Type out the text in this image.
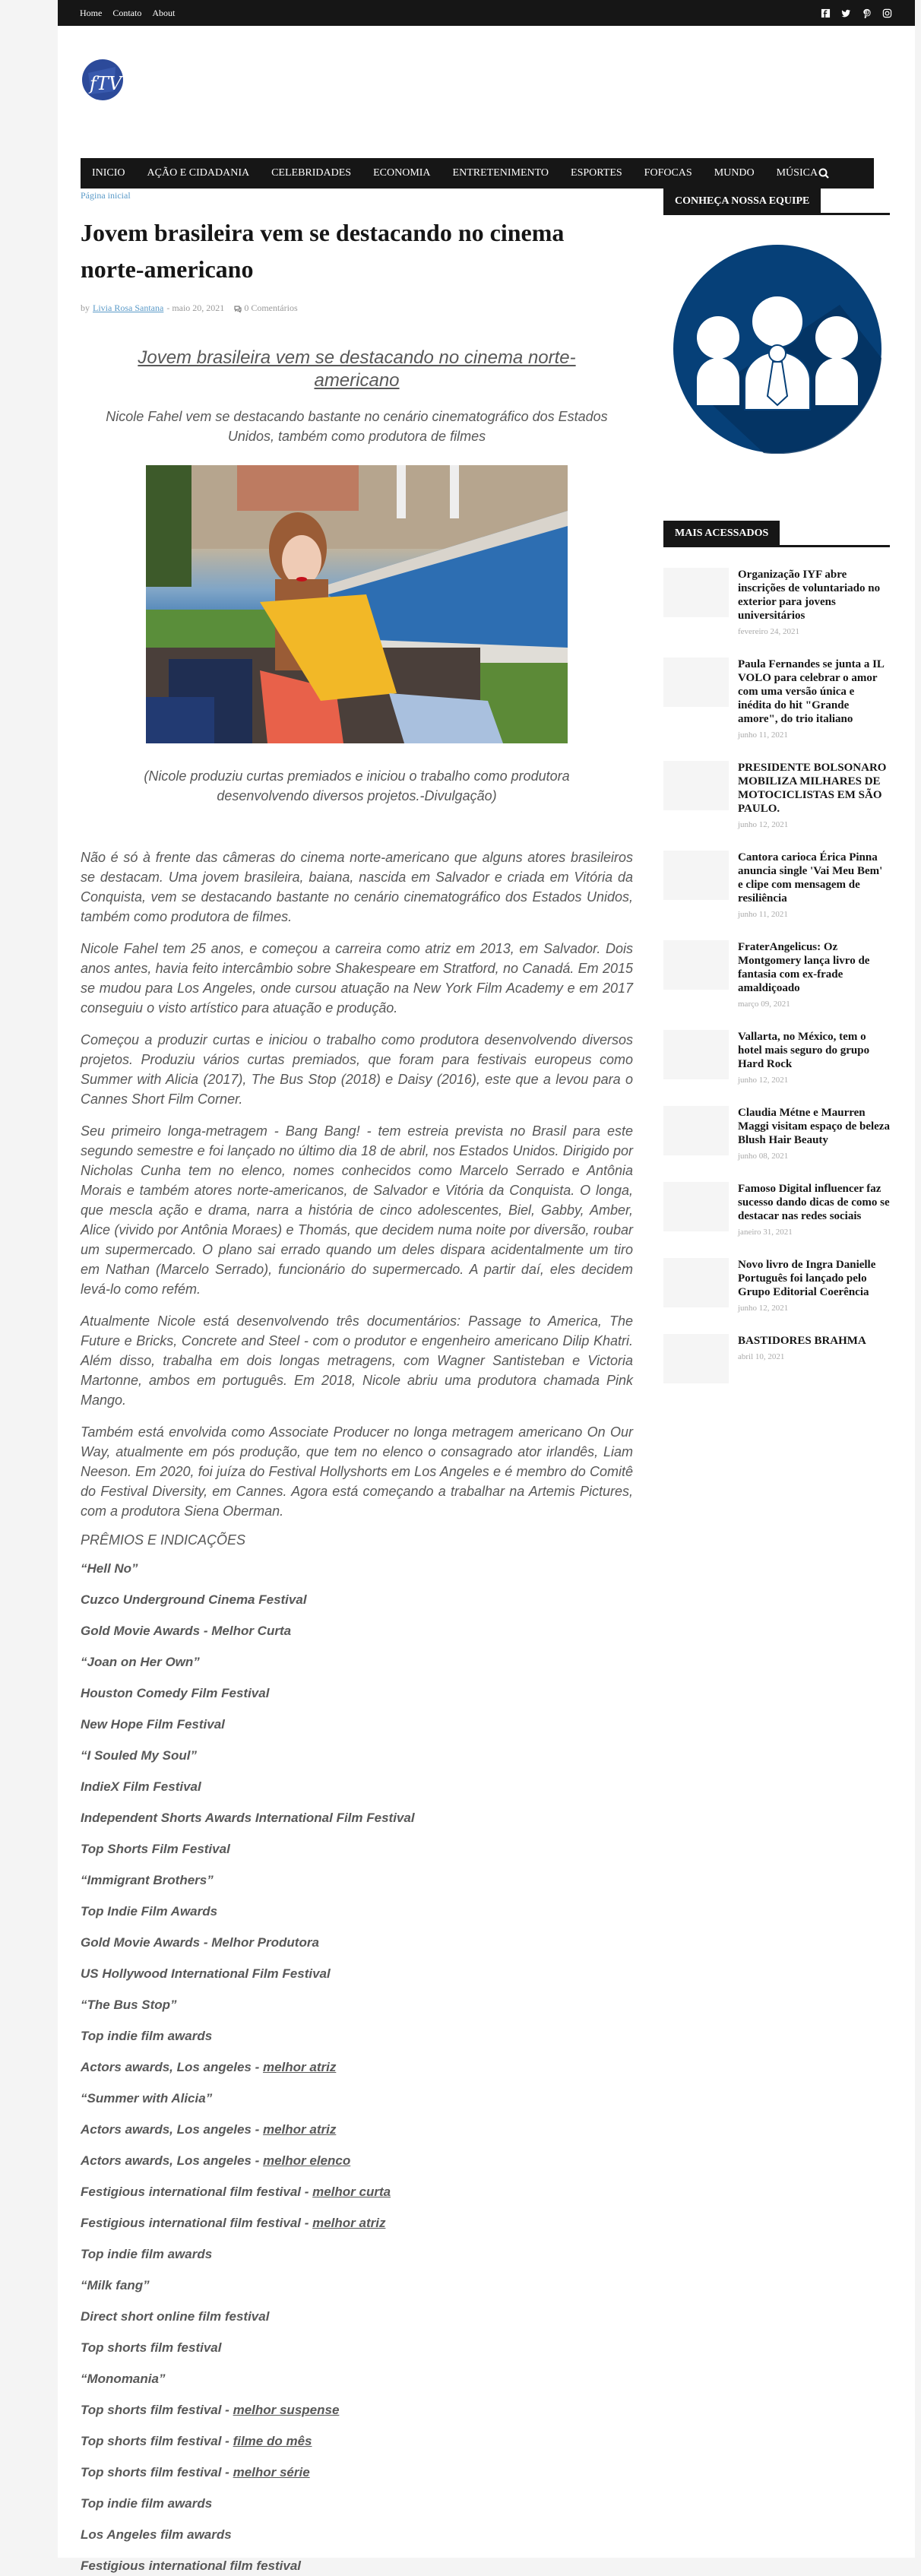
Home Contato About
fTV
INICIO AÇÃO E CIDADANIA CELEBRIDADES ECONOMIA ENTRETENIMENTO ESPORTES FOFOCAS MUNDO MÚSICA
Página inicial
Jovem brasileira vem se destacando no cinema norte-americano
by Livia Rosa Santana -
maio 20, 2021 0 Comentários
Jovem brasileira vem se destacando no cinema norte-americano
Nicole Fahel vem se destacando bastante no cenário cinematográfico dos Estados Unidos, também como produtora de filmes
(Nicole produziu curtas premiados e iniciou o trabalho como produtora desenvolvendo diversos projetos.-Divulgação)

Não é só à frente das câmeras do cinema norte-americano que alguns atores brasileiros se destacam. Uma jovem brasileira, baiana, nascida em Salvador e criada em Vitória da Conquista, vem se destacando bastante no cenário cinematográfico dos Estados Unidos, também como produtora de filmes.

Nicole Fahel tem 25 anos, e começou a carreira como atriz em 2013, em Salvador. Dois anos antes, havia feito intercâmbio sobre Shakespeare em Stratford, no Canadá. Em 2015 se mudou para Los Angeles, onde cursou atuação na New York Film Academy e em 2017 conseguiu o visto artístico para atuação e produção.

Começou a produzir curtas e iniciou o trabalho como produtora desenvolvendo diversos projetos. Produziu vários curtas premiados, que foram para festivais europeus como Summer with Alicia (2017), The Bus Stop (2018) e Daisy (2016), este que a levou para o Cannes Short Film Corner.

Seu primeiro longa-metragem - Bang Bang! - tem estreia prevista no Brasil para este segundo semestre e foi lançado no último dia 18 de abril, nos Estados Unidos. Dirigido por Nicholas Cunha tem no elenco, nomes conhecidos como Marcelo Serrado e Antônia Morais e também atores norte-americanos, de Salvador e Vitória da Conquista. O longa, que mescla ação e drama, narra a história de cinco adolescentes, Biel, Gabby, Amber, Alice (vivido por Antônia Moraes) e Thomás, que decidem numa noite por diversão, roubar um supermercado. O plano sai errado quando um deles dispara acidentalmente um tiro em Nathan (Marcelo Serrado), funcionário do supermercado. A partir daí, eles decidem levá-lo como refém.

Atualmente Nicole está desenvolvendo três documentários: Passage to America, The Future e Bricks, Concrete and Steel - com o produtor e engenheiro americano Dilip Khatri. Além disso, trabalha em dois longas metragens, com Wagner Santisteban e Victoria Martonne, ambos em português. Em 2018, Nicole abriu uma produtora chamada Pink Mango.

Também está envolvida como Associate Producer no longa metragem americano On Our Way, atualmente em pós produção, que tem no elenco o consagrado ator irlandês, Liam Neeson. Em 2020, foi juíza do Festival Hollyshorts em Los Angeles e é membro do Comitê do Festival Diversity, em Cannes. Agora está começando a trabalhar na Artemis Pictures, com a produtora Siena Oberman.

PRÊMIOS E INDICAÇÕES
“Hell No”
Cuzco Underground Cinema Festival
Gold Movie Awards - Melhor Curta
“Joan on Her Own”
Houston Comedy Film Festival
New Hope Film Festival
“I Souled My Soul”
IndieX Film Festival
Independent Shorts Awards International Film Festival
Top Shorts Film Festival
“Immigrant Brothers”
Top Indie Film Awards
Gold Movie Awards - Melhor Produtora
US Hollywood International Film Festival
“The Bus Stop”
Top indie film awards
Actors awards, Los angeles - melhor atriz
“Summer with Alicia”
Actors awards, Los angeles - melhor atriz
Actors awards, Los angeles - melhor elenco
Festigious international film festival - melhor curta
Festigious international film festival - melhor atriz
Top indie film awards
“Milk fang”
Direct short online film festival
Top shorts film festival
“Monomania”
Top shorts film festival - melhor suspense
Top shorts film festival - filme do mês
Top shorts film festival - melhor série
Top indie film awards
Los Angeles film awards
Festigious international film festival
CONHEÇA NOSSA EQUIPE
MAIS ACESSADOS
Organização IYF abre inscrições de voluntariado no exterior para jovens universitários
fevereiro 24, 2021
Paula Fernandes se junta a IL VOLO para celebrar o amor com uma versão única e inédita do hit "Grande amore", do trio italiano
junho 11, 2021
PRESIDENTE BOLSONARO MOBILIZA MILHARES DE MOTOCICLISTAS EM SÃO PAULO.
junho 12, 2021
Cantora carioca Érica Pinna anuncia single 'Vai Meu Bem' e clipe com mensagem de resiliência
junho 11, 2021
FraterAngelicus: Oz Montgomery lança livro de fantasia com ex-frade amaldiçoado
março 09, 2021
Vallarta, no México, tem o hotel mais seguro do grupo Hard Rock
junho 12, 2021
Claudia Métne e Maurren Maggi visitam espaço de beleza Blush Hair Beauty
junho 08, 2021
Famoso Digital influencer faz sucesso dando dicas de como se destacar nas redes sociais
janeiro 31, 2021
Novo livro de Ingra Danielle Português foi lançado pelo Grupo Editorial Coerência
junho 12, 2021
BASTIDORES BRAHMA
abril 10, 2021
